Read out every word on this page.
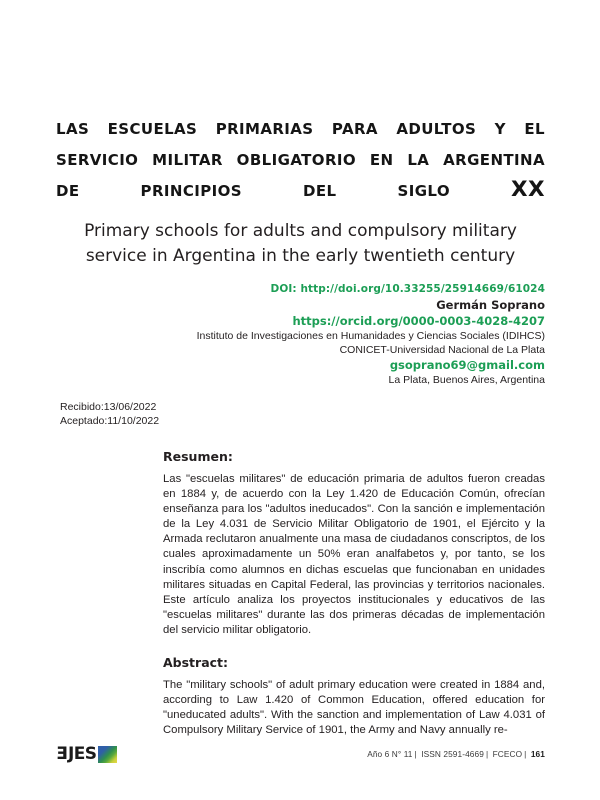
las escuelas primarias para adultos y el servicio militar obligatorio en la argentina de principios del siglo XX

Primary schools for adults and compulsory military
service in Argentina in the early twentieth century

DOI: http://doi.org/10.33255/25914669/61024

Germán Soprano
https://orcid.org/0000-0003-4028-4207
Instituto de Investigaciones en Humanidades y Ciencias Sociales (IDIHCS)
CONICET-Universidad Nacional de La Plata
gsoprano69@gmail.com
La Plata, Buenos Aires, Argentina
Recibido:13/06/2022
Aceptado:11/10/2022
Resumen:

Las "escuelas militares" de educación primaria de adultos fueron creadas en 1884 y, de acuerdo con la Ley 1.420 de Educación Común, ofrecían enseñanza para los "adultos ineducados". Con la sanción e implementación de la Ley 4.031 de Servicio Militar Obligatorio de 1901, el Ejército y la Armada reclutaron anualmente una masa de ciudadanos conscriptos, de los cuales aproximadamente un 50% eran analfabetos y, por tanto, se los inscribía como alumnos en dichas escuelas que funcionaban en unidades militares situadas en Capital Federal, las provincias y territorios nacionales. Este artículo analiza los proyectos institucionales y educativos de las "escuelas militares" durante las dos primeras décadas de implementación del servicio militar obligatorio.

Abstract:

The "military schools" of adult primary education were created in 1884 and, according to Law 1.420 of Common Education, offered education for "uneducated adults". With the sanction and implementation of Law 4.031 of Compulsory Military Service of 1901, the Army and Navy annually re-

EJES	Año 6 N° 11 | ISSN 2591-4669 | FCECO | 161
